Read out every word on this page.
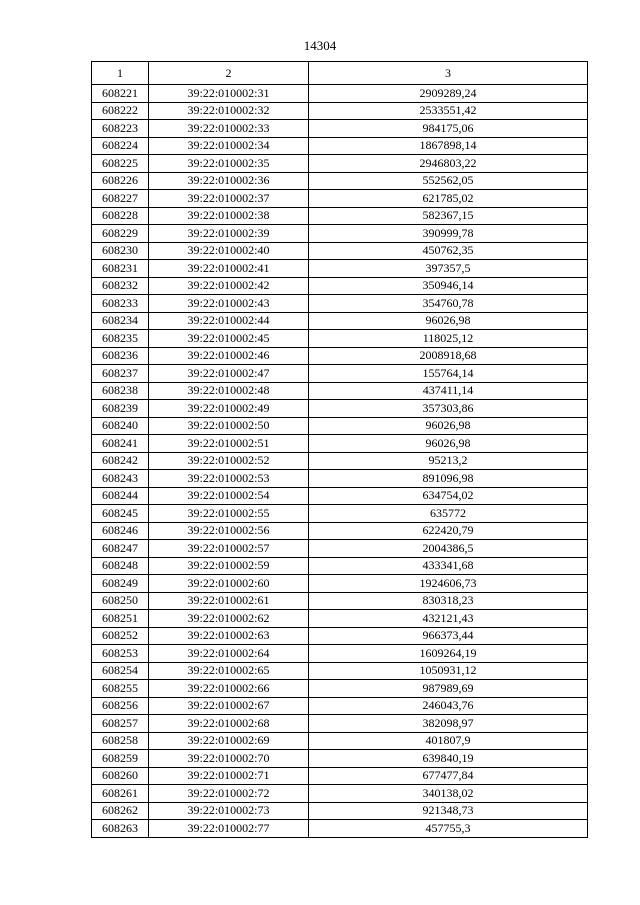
14304
1	2	3
608221	39:22:010002:31	2909289,24
608222	39:22:010002:32	2533551,42
608223	39:22:010002:33	984175,06
608224	39:22:010002:34	1867898,14
608225	39:22:010002:35	2946803,22
608226	39:22:010002:36	552562,05
608227	39:22:010002:37	621785,02
608228	39:22:010002:38	582367,15
608229	39:22:010002:39	390999,78
608230	39:22:010002:40	450762,35
608231	39:22:010002:41	397357,5
608232	39:22:010002:42	350946,14
608233	39:22:010002:43	354760,78
608234	39:22:010002:44	96026,98
608235	39:22:010002:45	118025,12
608236	39:22:010002:46	2008918,68
608237	39:22:010002:47	155764,14
608238	39:22:010002:48	437411,14
608239	39:22:010002:49	357303,86
608240	39:22:010002:50	96026,98
608241	39:22:010002:51	96026,98
608242	39:22:010002:52	95213,2
608243	39:22:010002:53	891096,98
608244	39:22:010002:54	634754,02
608245	39:22:010002:55	635772
608246	39:22:010002:56	622420,79
608247	39:22:010002:57	2004386,5
608248	39:22:010002:59	433341,68
608249	39:22:010002:60	1924606,73
608250	39:22:010002:61	830318,23
608251	39:22:010002:62	432121,43
608252	39:22:010002:63	966373,44
608253	39:22:010002:64	1609264,19
608254	39:22:010002:65	1050931,12
608255	39:22:010002:66	987989,69
608256	39:22:010002:67	246043,76
608257	39:22:010002:68	382098,97
608258	39:22:010002:69	401807,9
608259	39:22:010002:70	639840,19
608260	39:22:010002:71	677477,84
608261	39:22:010002:72	340138,02
608262	39:22:010002:73	921348,73
608263	39:22:010002:77	457755,3
